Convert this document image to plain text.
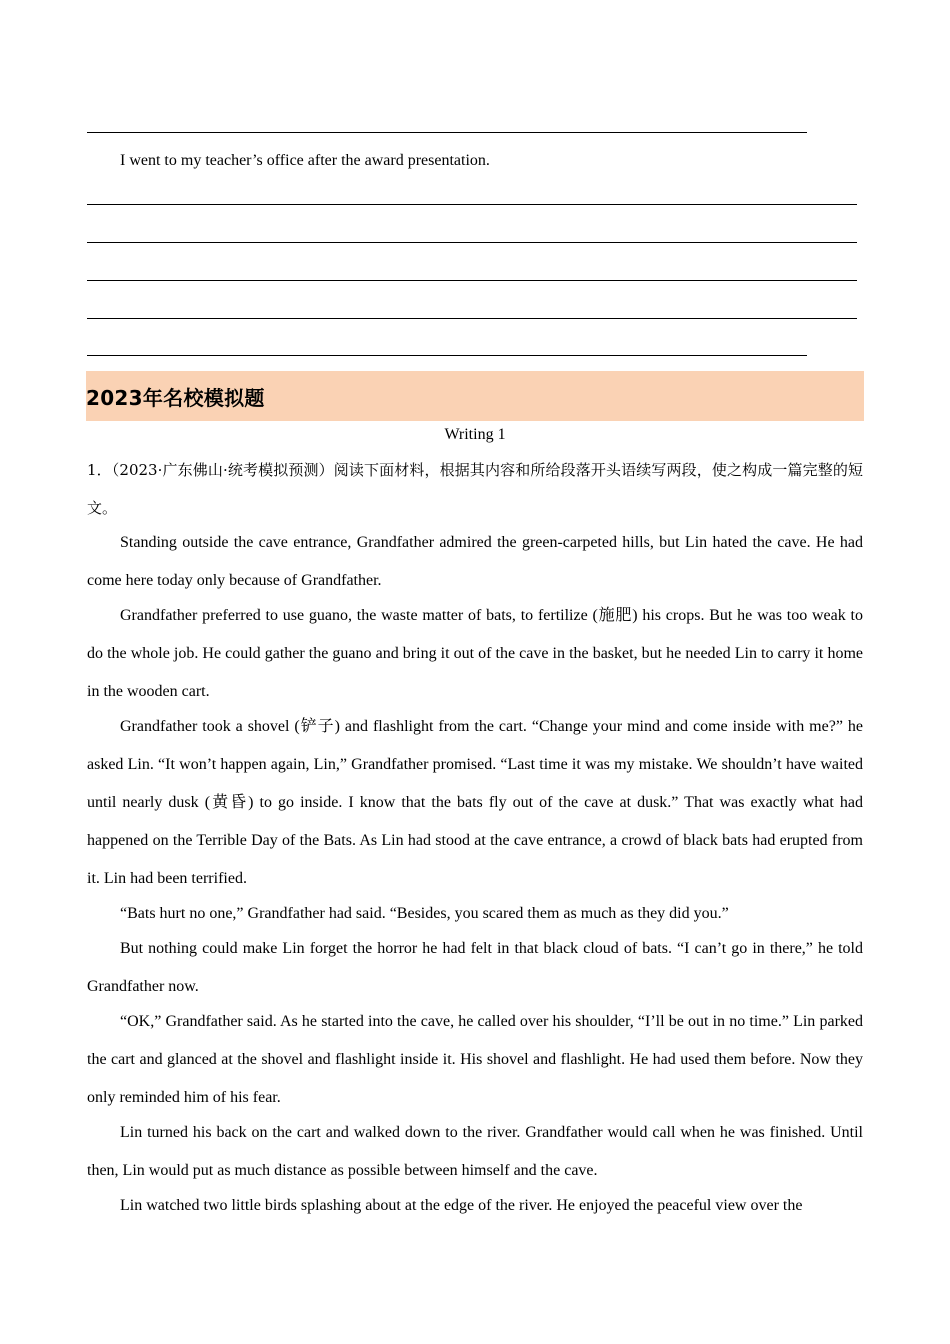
I went to my teacher’s office after the award presentation.
2023年名校模拟题
Writing 1

1．（2023·广东佛山·统考模拟预测）阅读下面材料，根据其内容和所给段落开头语续写两段，使之构成一篇完整的短文。

Standing outside the cave entrance, Grandfather admired the green-carpeted hills, but Lin hated the cave. He had come here today only because of Grandfather.

Grandfather preferred to use guano, the waste matter of bats, to fertilize (施肥) his crops. But he was too weak to do the whole job. He could gather the guano and bring it out of the cave in the basket, but he needed Lin to carry it home in the wooden cart.

Grandfather took a shovel (铲子) and flashlight from the cart. “Change your mind and come inside with me?” he asked Lin. “It won’t happen again, Lin,” Grandfather promised. “Last time it was my mistake. We shouldn’t have waited until nearly dusk (黄昏) to go inside. I know that the bats fly out of the cave at dusk.” That was exactly what had happened on the Terrible Day of the Bats. As Lin had stood at the cave entrance, a crowd of black bats had erupted from it. Lin had been terrified.

“Bats hurt no one,” Grandfather had said. “Besides, you scared them as much as they did you.”

But nothing could make Lin forget the horror he had felt in that black cloud of bats. “I can’t go in there,” he told Grandfather now.

“OK,” Grandfather said. As he started into the cave, he called over his shoulder, “I’ll be out in no time.” Lin parked the cart and glanced at the shovel and flashlight inside it. His shovel and flashlight. He had used them before. Now they only reminded him of his fear.

Lin turned his back on the cart and walked down to the river. Grandfather would call when he was finished. Until then, Lin would put as much distance as possible between himself and the cave.

Lin watched two little birds splashing about at the edge of the river. He enjoyed the peaceful view over the
